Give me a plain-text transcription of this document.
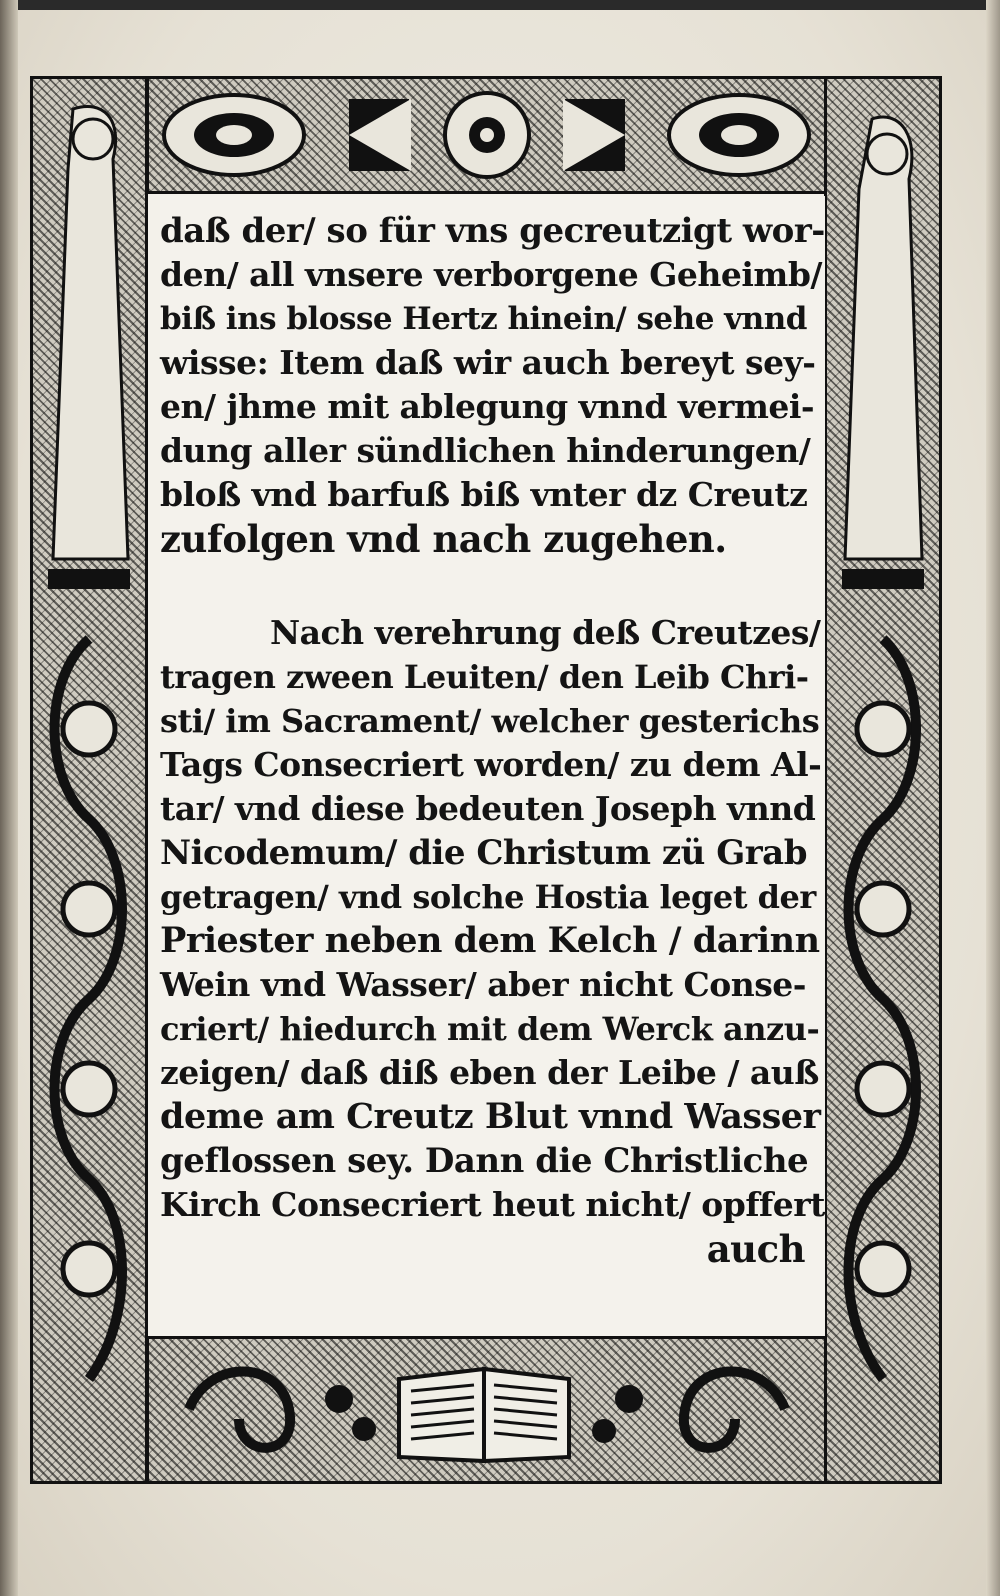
daß der/ so für vns gecreutzigt wor-
den/ all vnsere verborgene Geheimb/
biß ins blosse Hertz hinein/ sehe vnnd
wisse: Item daß wir auch bereyt sey-
en/ jhme mit ablegung vnnd vermei-
dung aller sündlichen hinderungen/
bloß vnd barfuß biß vnter dz Creutz
zufolgen vnd nach zugehen.
Nach verehrung deß Creutzes/
tragen zween Leuiten/ den Leib Chri-
sti/ im Sacrament/ welcher gesterichs
Tags Consecriert worden/ zu dem Al-
tar/ vnd diese bedeuten Joseph vnnd
Nicodemum/ die Christum zü Grab
getragen/ vnd solche Hostia leget der
Priester neben dem Kelch / darinn
Wein vnd Wasser/ aber nicht Conse-
criert/ hiedurch mit dem Werck anzu-
zeigen/ daß diß eben der Leibe / auß
deme am Creutz Blut vnnd Wasser
geflossen sey. Dann die Christliche
Kirch Consecriert heut nicht/ opffert
auch
